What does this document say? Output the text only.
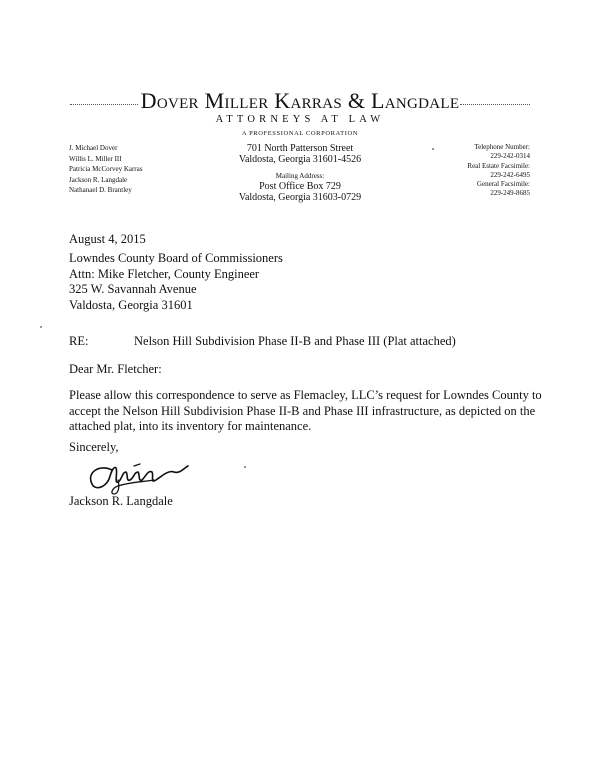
Dover Miller Karras & Langdale
ATTORNEYS AT LAW
A PROFESSIONAL CORPORATION
J. Michael Dover
Willis L. Miller III
Patricia McCorvey Karras
Jackson R. Langdale
Nathanael D. Brantley
701 North Patterson Street
Valdosta, Georgia 31601-4526
Mailing Address:
Post Office Box 729
Valdosta, Georgia 31603-0729
Telephone Number:
229-242-0314
Real Estate Facsimile:
229-242-6495
General Facsimile:
229-249-8685
August 4, 2015
Lowndes County Board of Commissioners
Attn: Mike Fletcher, County Engineer
325 W. Savannah Avenue
Valdosta, Georgia 31601
RE:	Nelson Hill Subdivision Phase II-B and Phase III (Plat attached)
Dear Mr. Fletcher:
Please allow this correspondence to serve as Flemacley, LLC’s request for Lowndes County to
accept the Nelson Hill Subdivision Phase II-B and Phase III infrastructure, as depicted on the
attached plat, into its inventory for maintenance.
Sincerely,
Jackson R. Langdale
